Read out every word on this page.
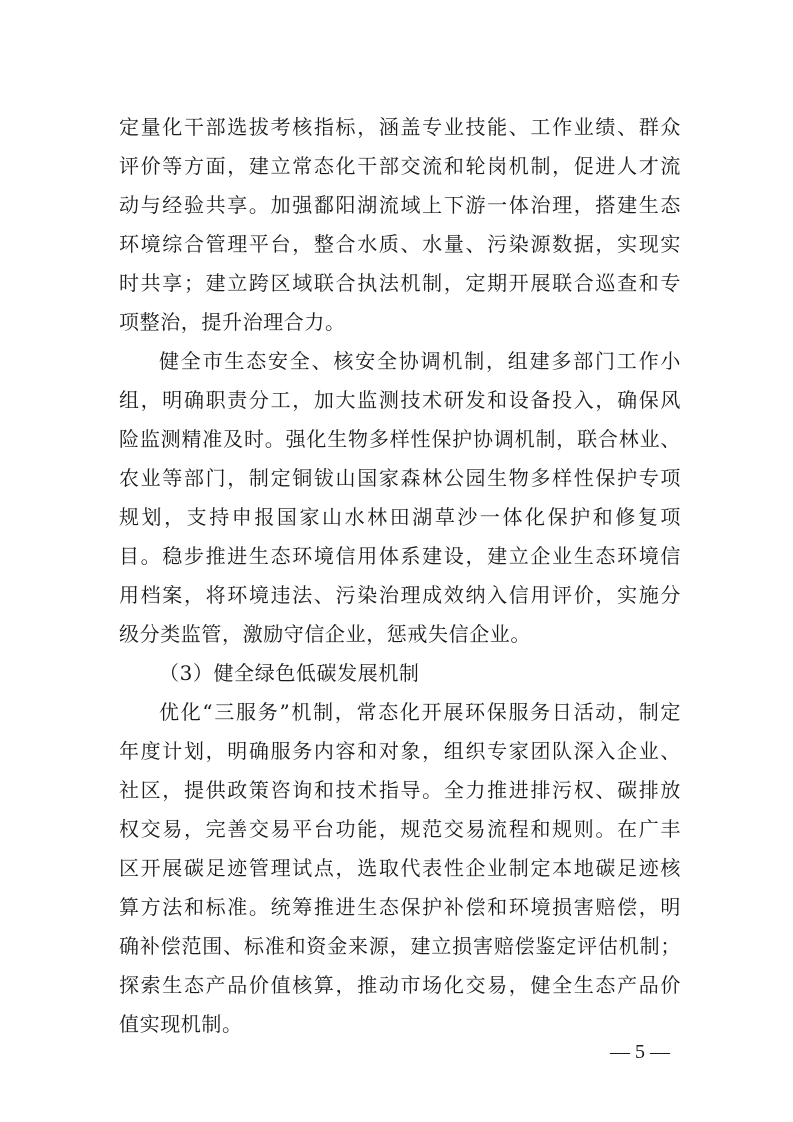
定量化干部选拔考核指标，涵盖专业技能、工作业绩、群众
评价等方面，建立常态化干部交流和轮岗机制，促进人才流
动与经验共享。加强鄱阳湖流域上下游一体治理，搭建生态
环境综合管理平台，整合水质、水量、污染源数据，实现实
时共享；建立跨区域联合执法机制，定期开展联合巡查和专
项整治，提升治理合力。
健全市生态安全、核安全协调机制，组建多部门工作小
组，明确职责分工，加大监测技术研发和设备投入，确保风
险监测精准及时。强化生物多样性保护协调机制，联合林业、
农业等部门，制定铜钹山国家森林公园生物多样性保护专项
规划，支持申报国家山水林田湖草沙一体化保护和修复项
目。稳步推进生态环境信用体系建设，建立企业生态环境信
用档案，将环境违法、污染治理成效纳入信用评价，实施分
级分类监管，激励守信企业，惩戒失信企业。
（3）健全绿色低碳发展机制
优化“三服务”机制，常态化开展环保服务日活动，制定
年度计划，明确服务内容和对象，组织专家团队深入企业、
社区，提供政策咨询和技术指导。全力推进排污权、碳排放
权交易，完善交易平台功能，规范交易流程和规则。在广丰
区开展碳足迹管理试点，选取代表性企业制定本地碳足迹核
算方法和标准。统筹推进生态保护补偿和环境损害赔偿，明
确补偿范围、标准和资金来源，建立损害赔偿鉴定评估机制；
探索生态产品价值核算，推动市场化交易，健全生态产品价
值实现机制。
— 5 —
